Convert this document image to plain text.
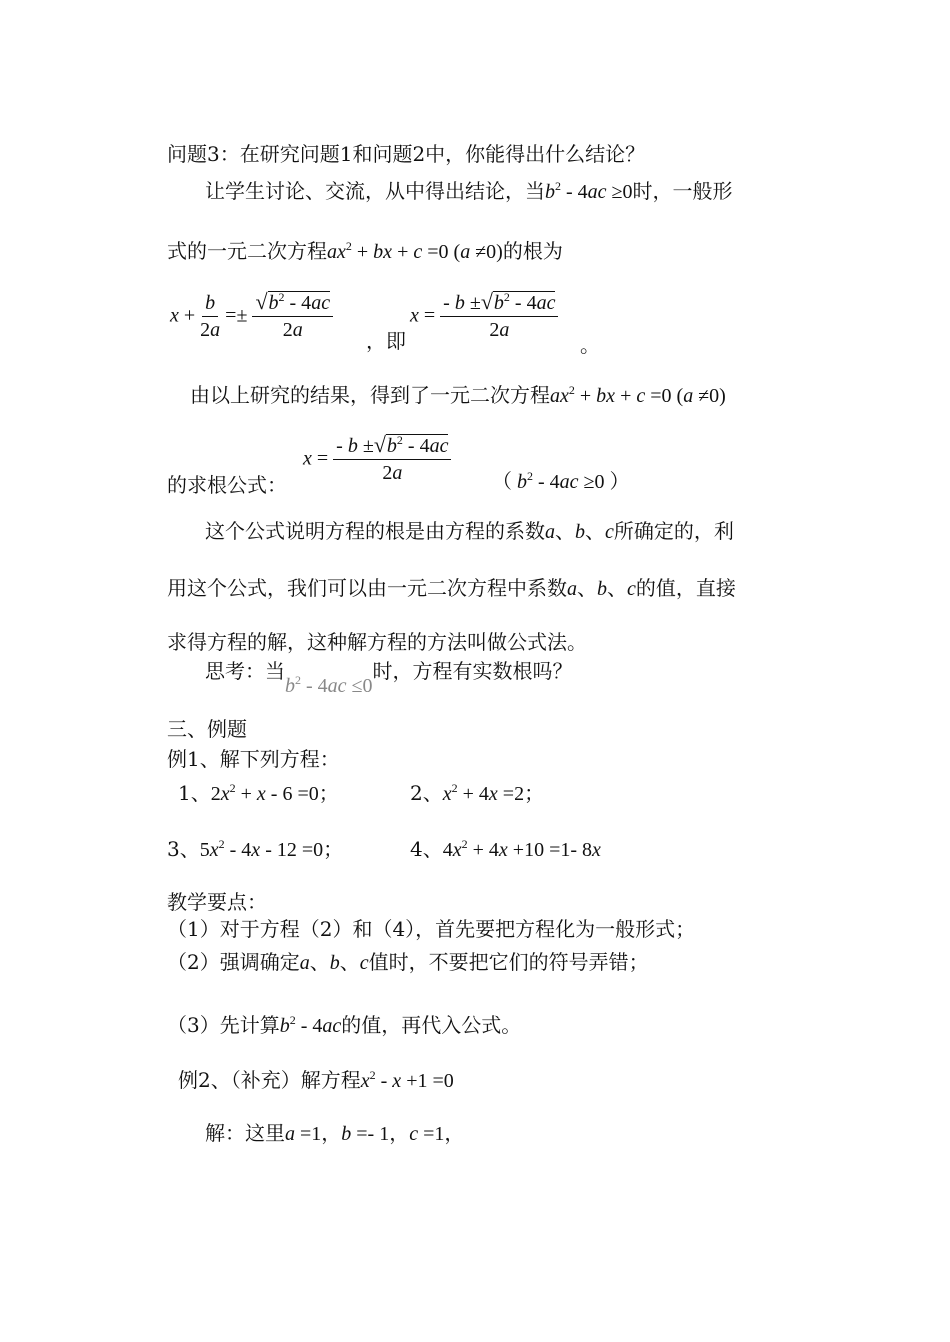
问题3：在研究问题1和问题2中，你能得出什么结论？
让学生讨论、交流，从中得出结论，当$b^2 - 4ac \ge 0$时，一般形
式的一元二次方程$ax^2$ + bx + c =0 (a ≠0)的根为
$x + \frac{b}{2a} =\pm \frac{√b^2 - 4ac}{2a}$ ，即
$x = \frac{- b \pm√b^2 - 4ac}{2a}$
。
由以上研究的结果，得到了一元二次方程$ax^2$ + bx + c =0 (a ≠0)
的求根公式：
$x = \frac{- b \pm√b^2 - 4ac}{2a}$ （ $b^2 - 4ac \ge 0$ ）
这个公式说明方程的根是由方程的系数a、b、c所确定的，利
用这个公式，我们可以由一元二次方程中系数a、b、c的值，直接
求得方程的解，这种解方程的方法叫做公式法。
思考：当$b^2 - 4ac \le 0$时，方程有实数根吗？
三、例题
例1、解下列方程：
1、$2x^2 + x - 6 =0$；	2、$x^2 + 4x =2$；
3、$5x^2 - 4x - 12 =0$；	4、$4x^2 + 4x +10 =1-$ 8x
教学要点：
（1）对于方程（2）和（4），首先要把方程化为一般形式；
（2）强调确定a、b、c值时，不要把它们的符号弄错；
（3）先计算$b^2 - 4ac$的值，再代入公式。
例2、（补充）解方程$x^2 - x +1 =0$
解：这里a =1，b =- 1，c =1，
